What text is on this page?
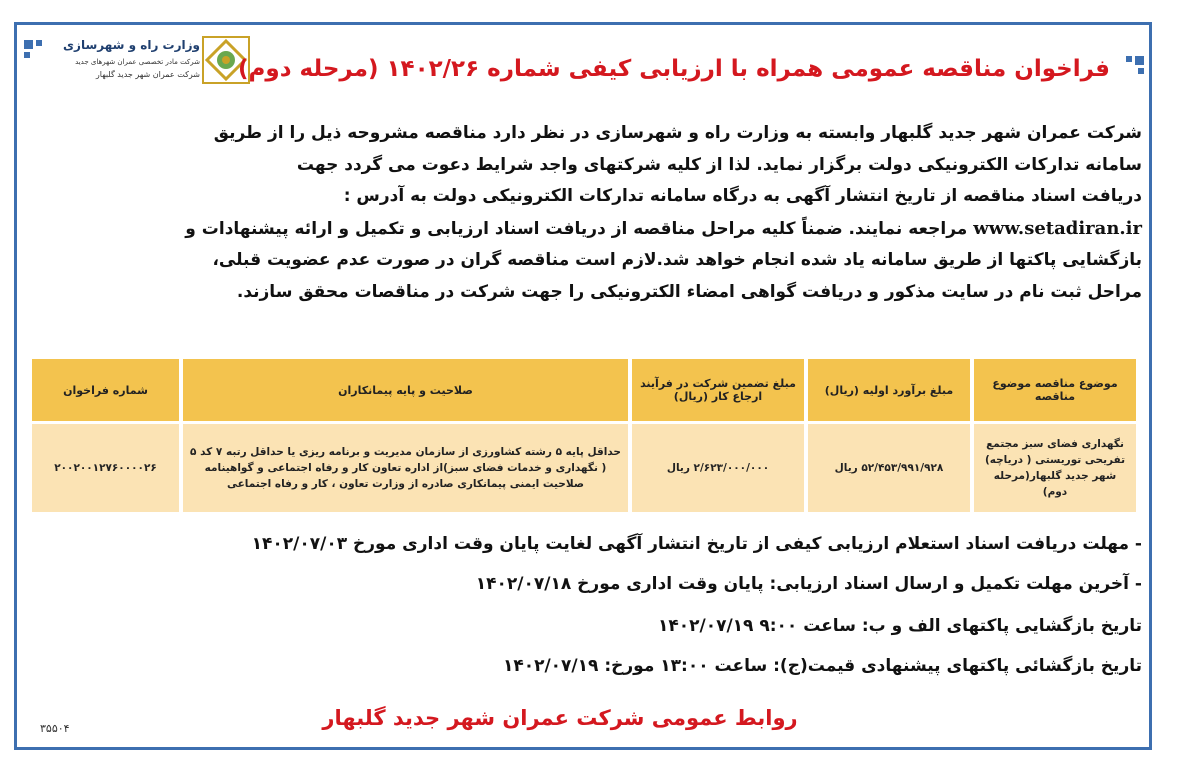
وزارت راه و شهرسازی
شرکت مادر تخصصی عمران شهرهای جدید
شرکت عمران شهر جدید گلبهار فراخوان مناقصه عمومی همراه با ارزیابی کیفی شماره ۱۴۰۲/۲۶ (مرحله دوم)

شرکت عمران شهر جدید گلبهار وابسته به وزارت راه و شهرسازی در نظر دارد مناقصه مشروحه ذیل را از طریق

سامانه تدارکات الکترونیکی دولت برگزار نماید. لذا از کلیه شرکتهای واجد شرایط دعوت می گردد جهت

دریافت اسناد مناقصه از تاریخ انتشار آگهی به درگاه سامانه تدارکات الکترونیکی دولت به آدرس :

www.setadiran.ir مراجعه نمایند. ضمناً کلیه مراحل مناقصه از دریافت اسناد ارزیابی و تکمیل و ارائه پیشنهادات و

بازگشایی پاکتها از طریق سامانه یاد شده انجام خواهد شد.لازم است مناقصه گران در صورت عدم عضویت قبلی،

مراحل ثبت نام در سایت مذکور و دریافت گواهی امضاء الکترونیکی را جهت شرکت در مناقصات محقق سازند.

موضوع مناقصه موضوع مناقصه	مبلغ برآورد اولیه (ریال)	مبلغ تضمین شرکت در فرآیند ارجاع کار (ریال)	صلاحیت و پایه پیمانکاران	شماره فراخوان
نگهداری فضای سبز مجتمع تفریحی توریستی ( دریاچه) شهر جدید گلبهار(مرحله دوم)	۵۲/۴۵۳/۹۹۱/۹۲۸ ریال	۲/۶۲۳/۰۰۰/۰۰۰ ریال	حداقل پایه ۵ رشته کشاورزی از سازمان مدیریت و برنامه ریزی یا حداقل رتبه ۷ کد ۵ ( نگهداری و خدمات فضای سبز)از اداره تعاون کار و رفاه اجتماعی و گواهینامه صلاحیت ایمنی پیمانکاری صادره از وزارت تعاون ، کار و رفاه اجتماعی	۲۰۰۲۰۰۱۲۷۶۰۰۰۰۲۶
- مهلت دریافت اسناد استعلام ارزیابی کیفی از تاریخ انتشار آگهی لغایت پایان وقت اداری مورخ ۱۴۰۲/۰۷/۰۳
- آخرین مهلت تکمیل و ارسال اسناد ارزیابی: پایان وقت اداری مورخ ۱۴۰۲/۰۷/۱۸
تاریخ بازگشایی پاکتهای الف و ب: ساعت ۹:۰۰ ۱۴۰۲/۰۷/۱۹
تاریخ بازگشائی پاکتهای پیشنهادی قیمت(ج): ساعت ۱۳:۰۰ مورخ: ۱۴۰۲/۰۷/۱۹
روابط عمومی شرکت عمران شهر جدید گلبهار
۳۵۵۰۴
